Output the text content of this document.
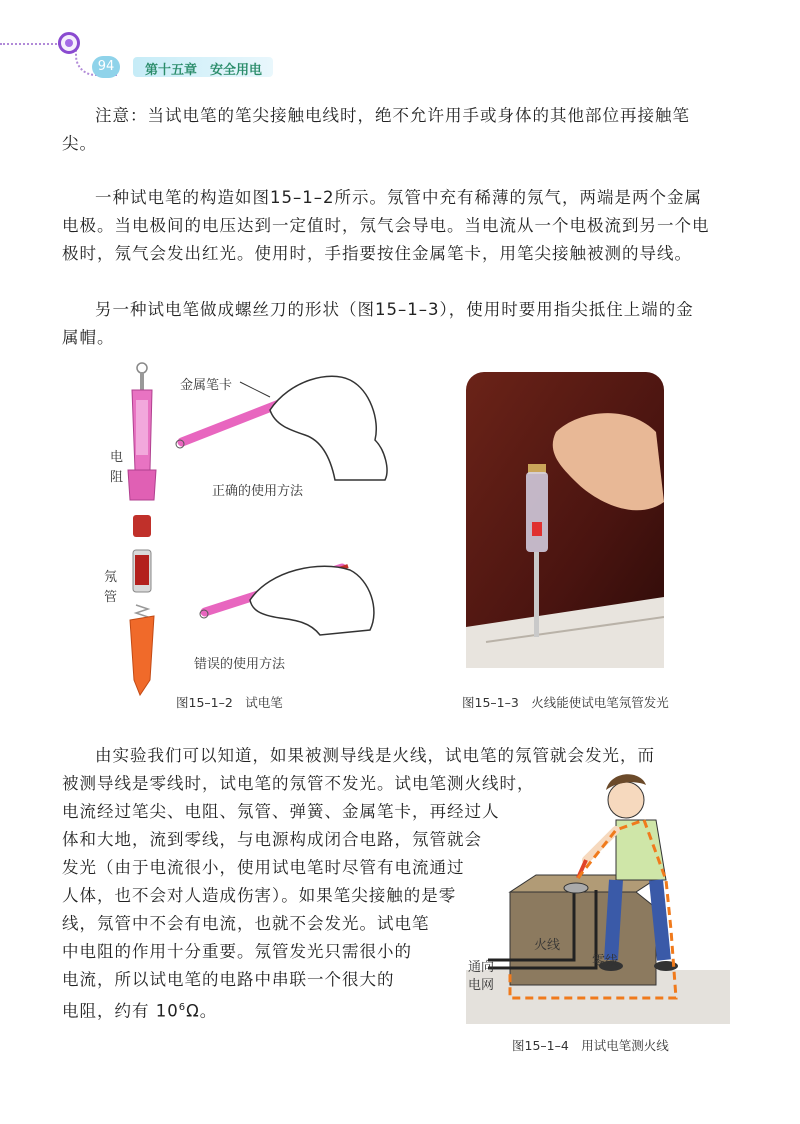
94	第十五章　安全用电
注意：当试电笔的笔尖接触电线时，绝不允许用手或身体的其他部位再接触笔尖。
一种试电笔的构造如图15–1–2所示。氖管中充有稀薄的氖气，两端是两个金属电极。当电极间的电压达到一定值时，氖气会导电。当电流从一个电极流到另一个电极时，氖气会发出红光。使用时，手指要按住金属笔卡，用笔尖接触被测的导线。
另一种试电笔做成螺丝刀的形状（图15–1–3），使用时要用指尖抵住上端的金属帽。
金属笔卡
电
阻
正确的使用方法
氖
管
错误的使用方法
图15–1–2　试电笔	图15–1–3　火线能使试电笔氖管发光
由实验我们可以知道，如果被测导线是火线，试电笔的氖管就会发光，而
被测导线是零线时，试电笔的氖管不发光。试电笔测火线时，
电流经过笔尖、电阻、氖管、弹簧、金属笔卡，再经过人
体和大地，流到零线，与电源构成闭合电路，氖管就会
发光（由于电流很小，使用试电笔时尽管有电流通过
人体，也不会对人造成伤害）。如果笔尖接触的是零
线，氖管中不会有电流，也就不会发光。试电笔
中电阻的作用十分重要。氖管发光只需很小的
电流，所以试电笔的电路中串联一个很大的
电阻，约有 $10^6\Omega$。
火线
零线
通向
电网
图15–1–4　用试电笔测火线
